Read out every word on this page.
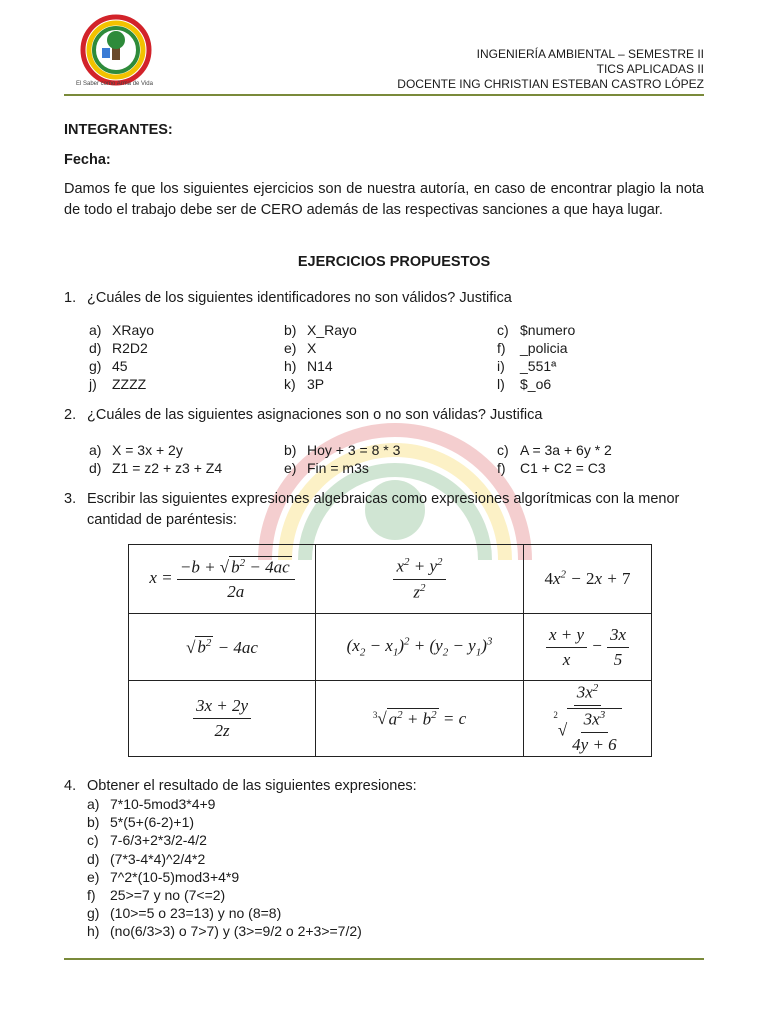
El Saber como Arma de Vida
INGENIERÍA AMBIENTAL – SEMESTRE II
TICS APLICADAS II
DOCENTE ING CHRISTIAN ESTEBAN CASTRO LÓPEZ
INTEGRANTES:
Fecha:
Damos fe que los siguientes ejercicios son de nuestra autoría, en caso de encontrar plagio la nota de todo el trabajo debe ser de CERO además de las respectivas sanciones a que haya lugar.
EJERCICIOS PROPUESTOS
1. ¿Cuáles de los siguientes identificadores no son válidos? Justifica
a) XRayo	b) X_Rayo	c) $numero
d) R2D2	e) X	f) _policia
g) 45	h) N14	i) _551ª
j) ZZZZ	k) 3P	l) $_o6
2. ¿Cuáles de las siguientes asignaciones son o no son válidas? Justifica
a) X = 3x + 2y	b) Hoy + 3 = 8 * 3	c) A = 3a + 6y * 2
d) Z1 = z2 + z3 + Z4	e) Fin = m3s	f) C1 + C2 = C3
3. Escribir las siguientes expresiones algebraicas como expresiones algorítmicas con la menor
cantidad de paréntesis:
$x = \frac{-b + √ b^2 - 4ac}{2a}$	$\frac{x^2 + y^2}{z^2}$	$4x^2 - 2x + 7$
√ $b^2 - 4ac$	$(x_2 - x_1)^2 + (y_2 - y_1)^3$	$\frac{x + y}{x} - \frac{3x}{5}$

$\frac{3x + 2y}{2z}$	$^3$√ $a^2 + b^2 = c$	$\frac{3x^2}{^2√ \frac{3x^3}{4y + 6}}$
4. Obtener el resultado de las siguientes expresiones:
a) 7*10-5mod3*4+9
b) 5*(5+(6-2)+1)
c) 7-6/3+2*3/2-4/2
d) (7*3-4*4)^2/4*2
e) 7^2*(10-5)mod3+4*9
f) 25>=7 y no (7<=2)
g) (10>=5 o 23=13) y no (8=8)
h) (no(6/3>3) o 7>7) y (3>=9/2 o 2+3>=7/2)
